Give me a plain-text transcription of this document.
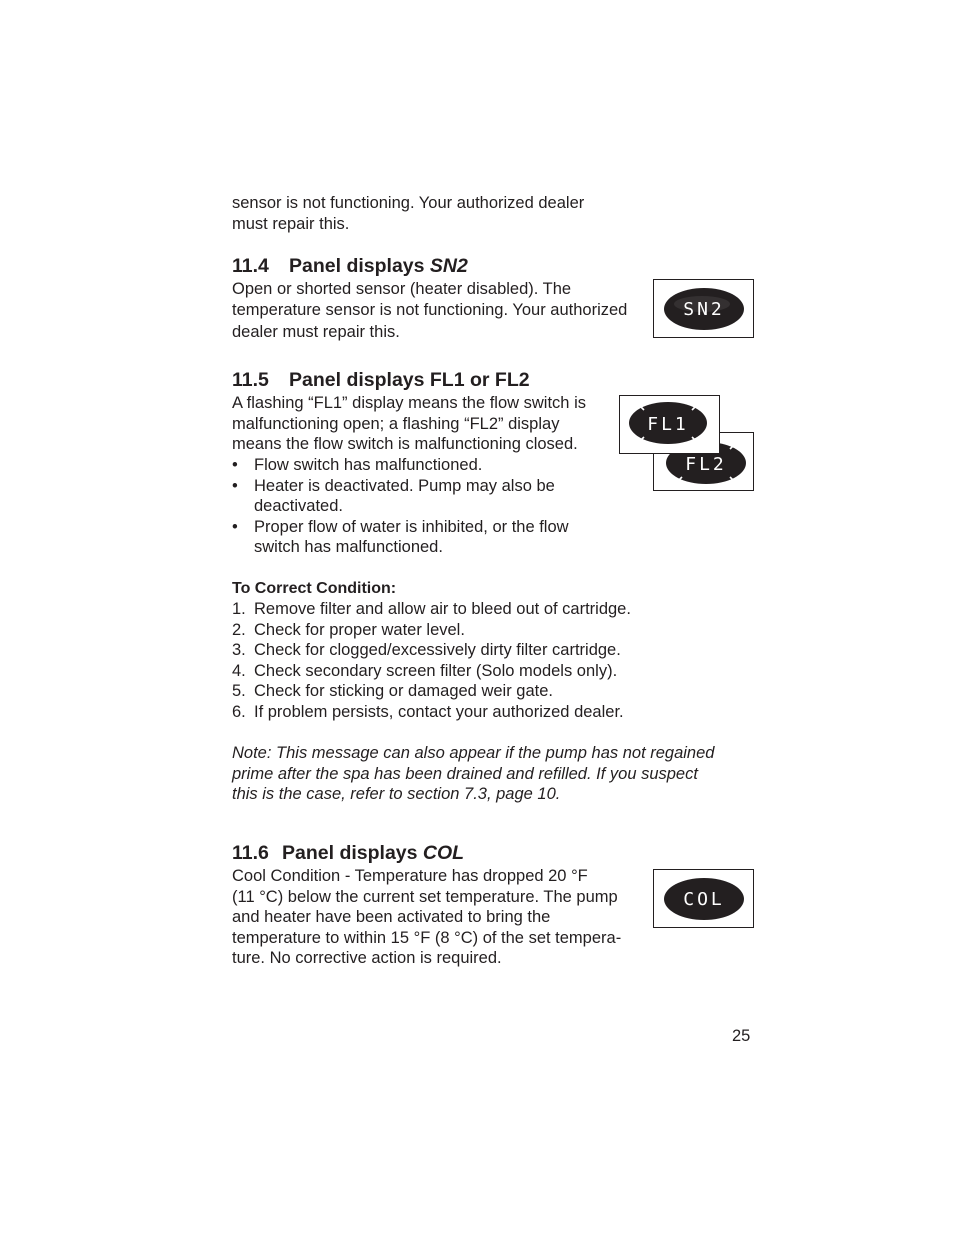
sensor is not functioning. Your authorized dealer
must repair this.

11.4 Panel displays SN2

Open or shorted sensor (heater disabled). The
temperature sensor is not functioning. Your authorized
dealer must repair this.

SN2
11.5 Panel displays FL1 or FL2

A flashing “FL1” display means the flow switch is
malfunctioning open; a flashing “FL2” display
means the flow switch is malfunctioning closed.

• Flow switch has malfunctioned.
• Heater is deactivated. Pump may also be
deactivated.
• Proper flow of water is inhibited, or the flow
switch has malfunctioned.
FL2
FL1

To Correct Condition:

1. Remove filter and allow air to bleed out of cartridge.
2. Check for proper water level.
3. Check for clogged/excessively dirty filter cartridge.
4. Check secondary screen filter (Solo models only).
5. Check for sticking or damaged weir gate.
6. If problem persists, contact your authorized dealer.

Note: This message can also appear if the pump has not regained
prime after the spa has been drained and refilled. If you suspect
this is the case, refer to section 7.3, page 10.

11.6 Panel displays COL

Cool Condition - Temperature has dropped 20 °F
(11 °C) below the current set temperature. The pump
and heater have been activated to bring the
temperature to within 15 °F (8 °C) of the set tempera-
ture. No corrective action is required.

COL
25
